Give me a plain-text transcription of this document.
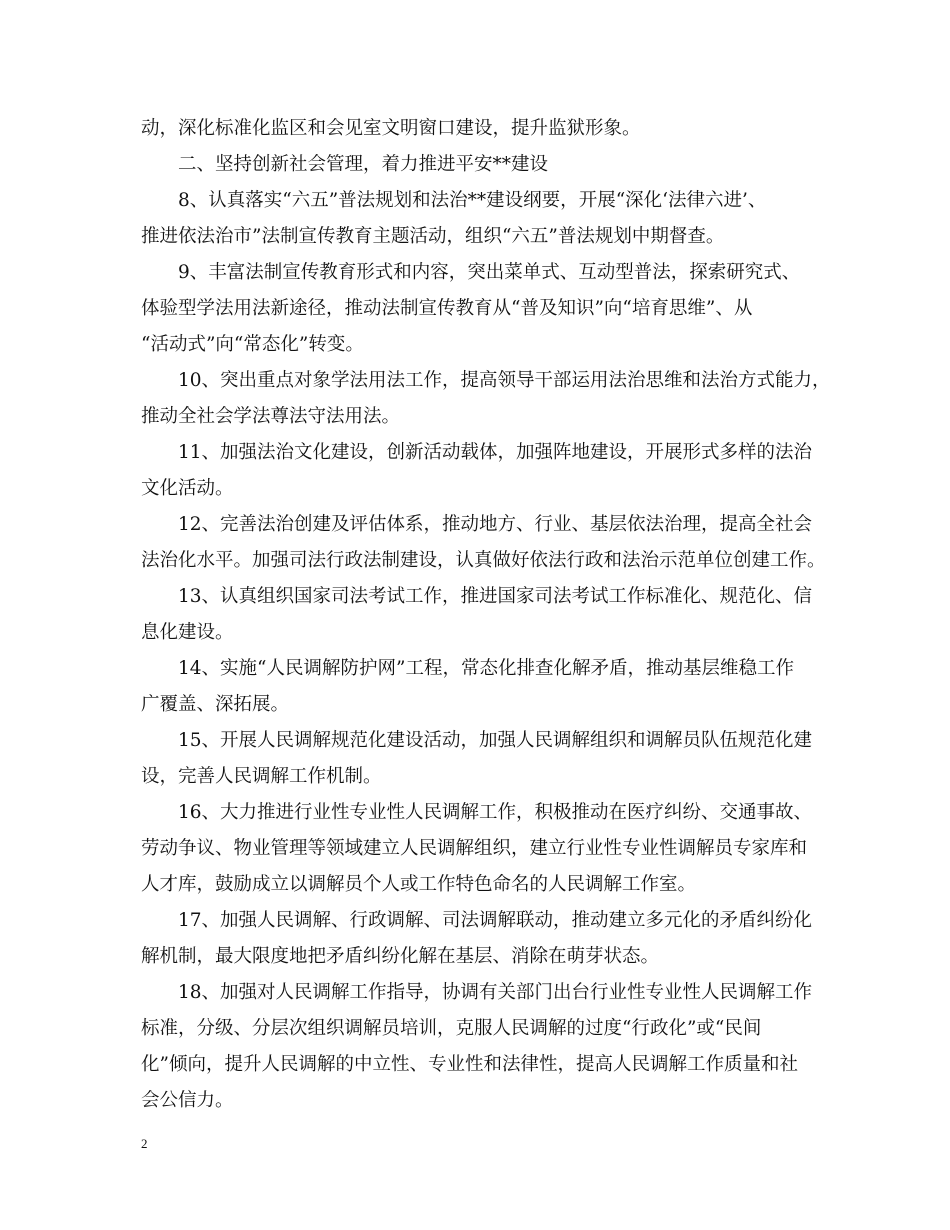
动，深化标准化监区和会见室文明窗口建设，提升监狱形象。
二、坚持创新社会管理，着力推进平安**建设
8、认真落实“六五”普法规划和法治**建设纲要，开展“深化‘法律六进’、
推进依法治市”法制宣传教育主题活动，组织“六五”普法规划中期督查。
9、丰富法制宣传教育形式和内容，突出菜单式、互动型普法，探索研究式、
体验型学法用法新途径，推动法制宣传教育从“普及知识”向“培育思维”、从
“活动式”向“常态化”转变。
10、突出重点对象学法用法工作，提高领导干部运用法治思维和法治方式能力，
推动全社会学法尊法守法用法。
11、加强法治文化建设，创新活动载体，加强阵地建设，开展形式多样的法治
文化活动。
12、完善法治创建及评估体系，推动地方、行业、基层依法治理，提高全社会
法治化水平。加强司法行政法制建设，认真做好依法行政和法治示范单位创建工作。
13、认真组织国家司法考试工作，推进国家司法考试工作标准化、规范化、信
息化建设。
14、实施“人民调解防护网”工程，常态化排查化解矛盾，推动基层维稳工作
广覆盖、深拓展。
15、开展人民调解规范化建设活动，加强人民调解组织和调解员队伍规范化建
设，完善人民调解工作机制。
16、大力推进行业性专业性人民调解工作，积极推动在医疗纠纷、交通事故、
劳动争议、物业管理等领域建立人民调解组织，建立行业性专业性调解员专家库和
人才库，鼓励成立以调解员个人或工作特色命名的人民调解工作室。
17、加强人民调解、行政调解、司法调解联动，推动建立多元化的矛盾纠纷化
解机制，最大限度地把矛盾纠纷化解在基层、消除在萌芽状态。
18、加强对人民调解工作指导，协调有关部门出台行业性专业性人民调解工作
标准，分级、分层次组织调解员培训，克服人民调解的过度“行政化”或“民间
化”倾向，提升人民调解的中立性、专业性和法律性，提高人民调解工作质量和社
会公信力。
2
